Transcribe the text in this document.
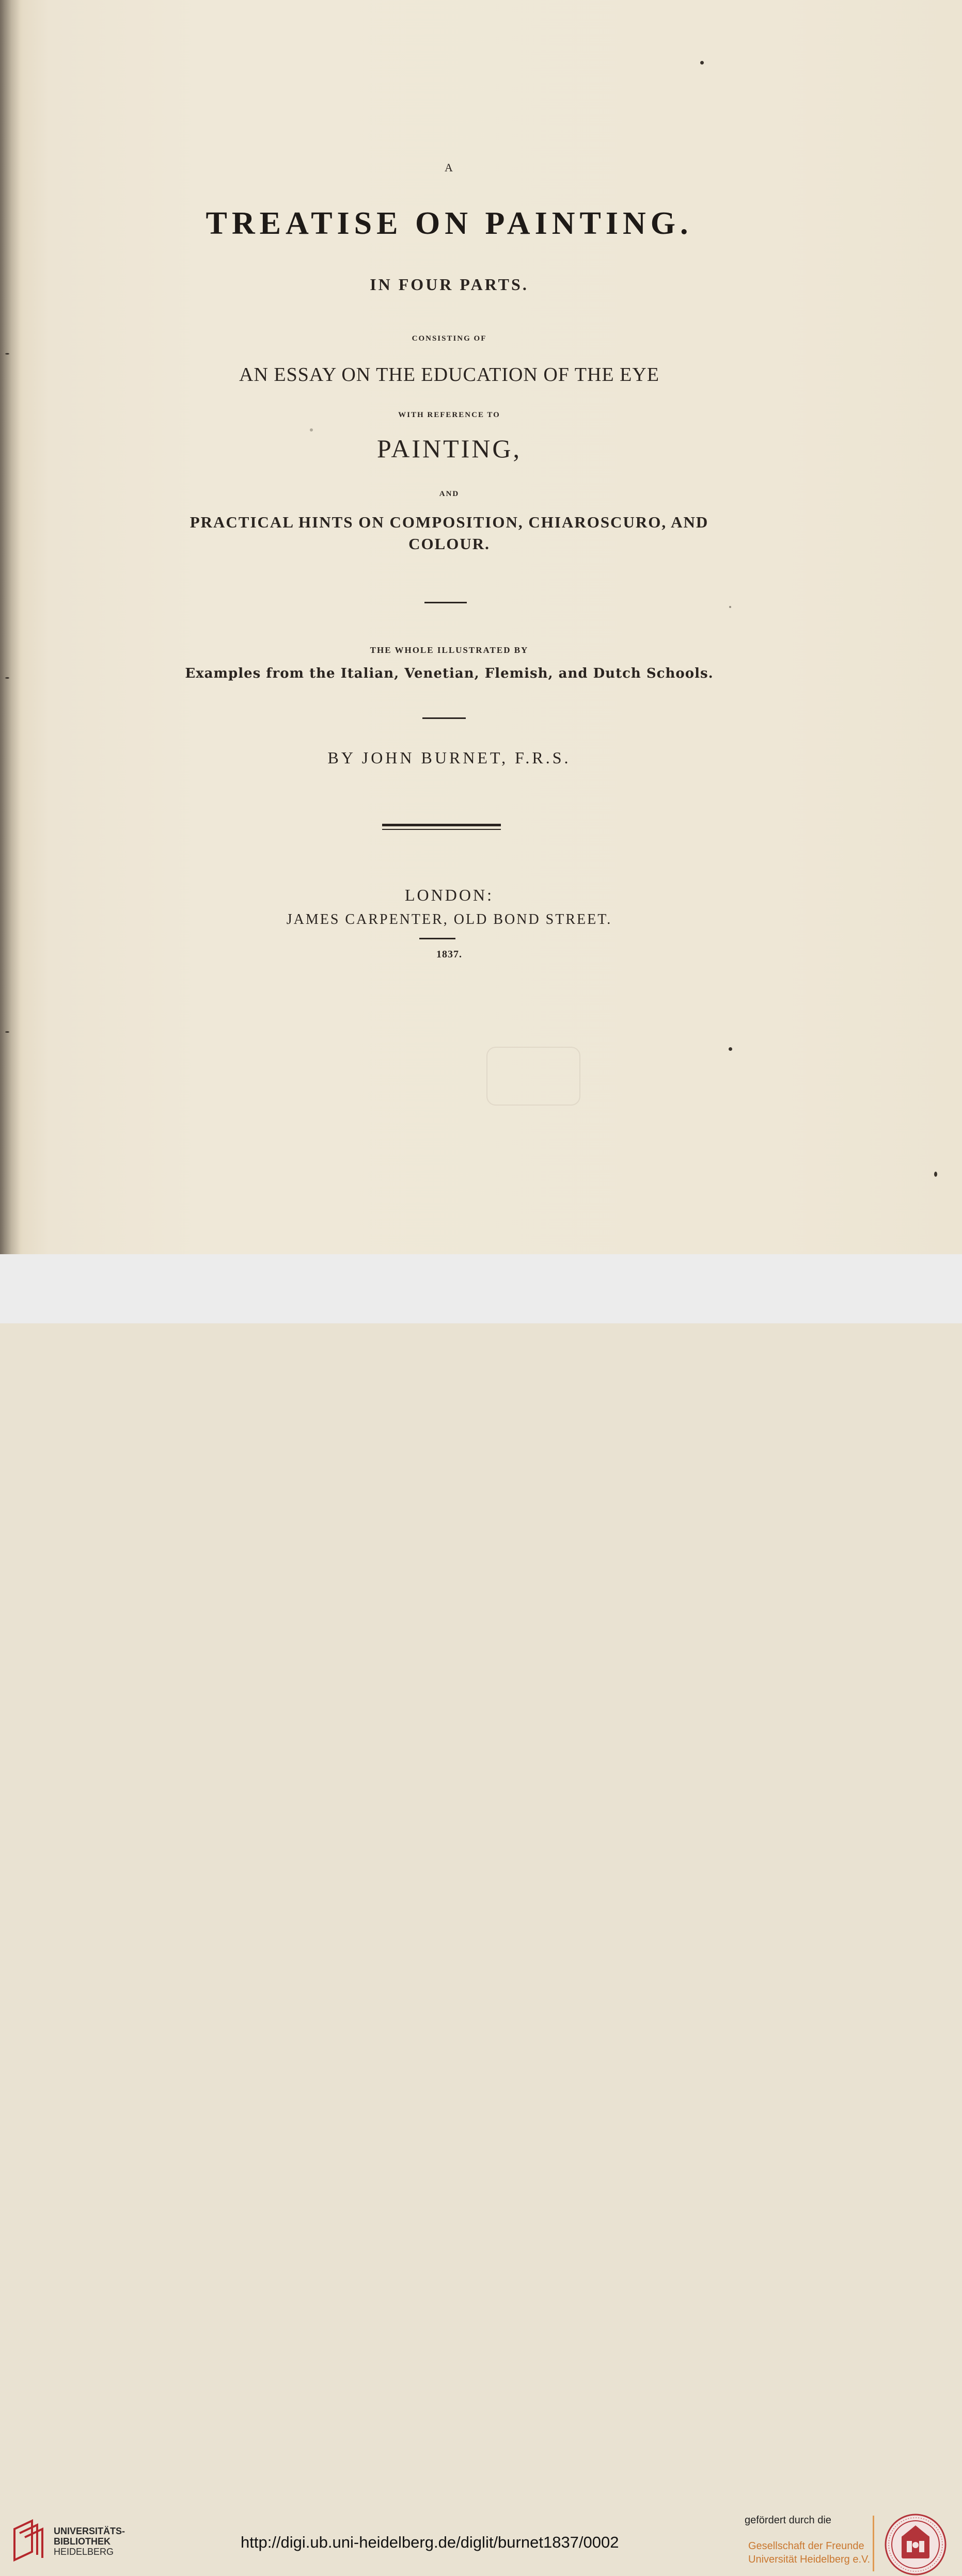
A

TREATISE ON PAINTING.

IN FOUR PARTS.

CONSISTING OF

AN ESSAY ON THE EDUCATION OF THE EYE

WITH REFERENCE TO

PAINTING,

AND

PRACTICAL HINTS ON COMPOSITION, CHIAROSCURO, AND

COLOUR.

THE WHOLE ILLUSTRATED BY

Examples from the Italian, Venetian, Flemish, and Dutch Schools.

BY JOHN BURNET, F.R.S.

LONDON:

JAMES CARPENTER, OLD BOND STREET.

1837.

UNIVERSITÄTS-
BIBLIOTHEK
HEIDELBERG
http://digi.ub.uni-heidelberg.de/diglit/burnet1837/0002
gefördert durch die
Gesellschaft der Freunde
Universität Heidelberg e.V.
